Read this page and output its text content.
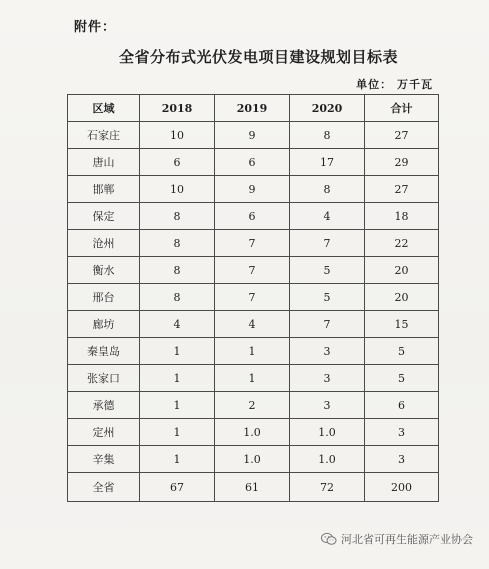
附件：
全省分布式光伏发电项目建设规划目标表
单位： 万千瓦
区域	2018	2019	2020	合计
石家庄	10	9	8	27
唐山	6	6	17	29
邯郸	10	9	8	27
保定	8	6	4	18
沧州	8	7	7	22
衡水	8	7	5	20
邢台	8	7	5	20
廊坊	4	4	7	15
秦皇岛	1	1	3	5
张家口	1	1	3	5
承德	1	2	3	6
定州	1	1.0	1.0	3
辛集	1	1.0	1.0	3
全省	67	61	72	200
河北省可再生能源产业协会
